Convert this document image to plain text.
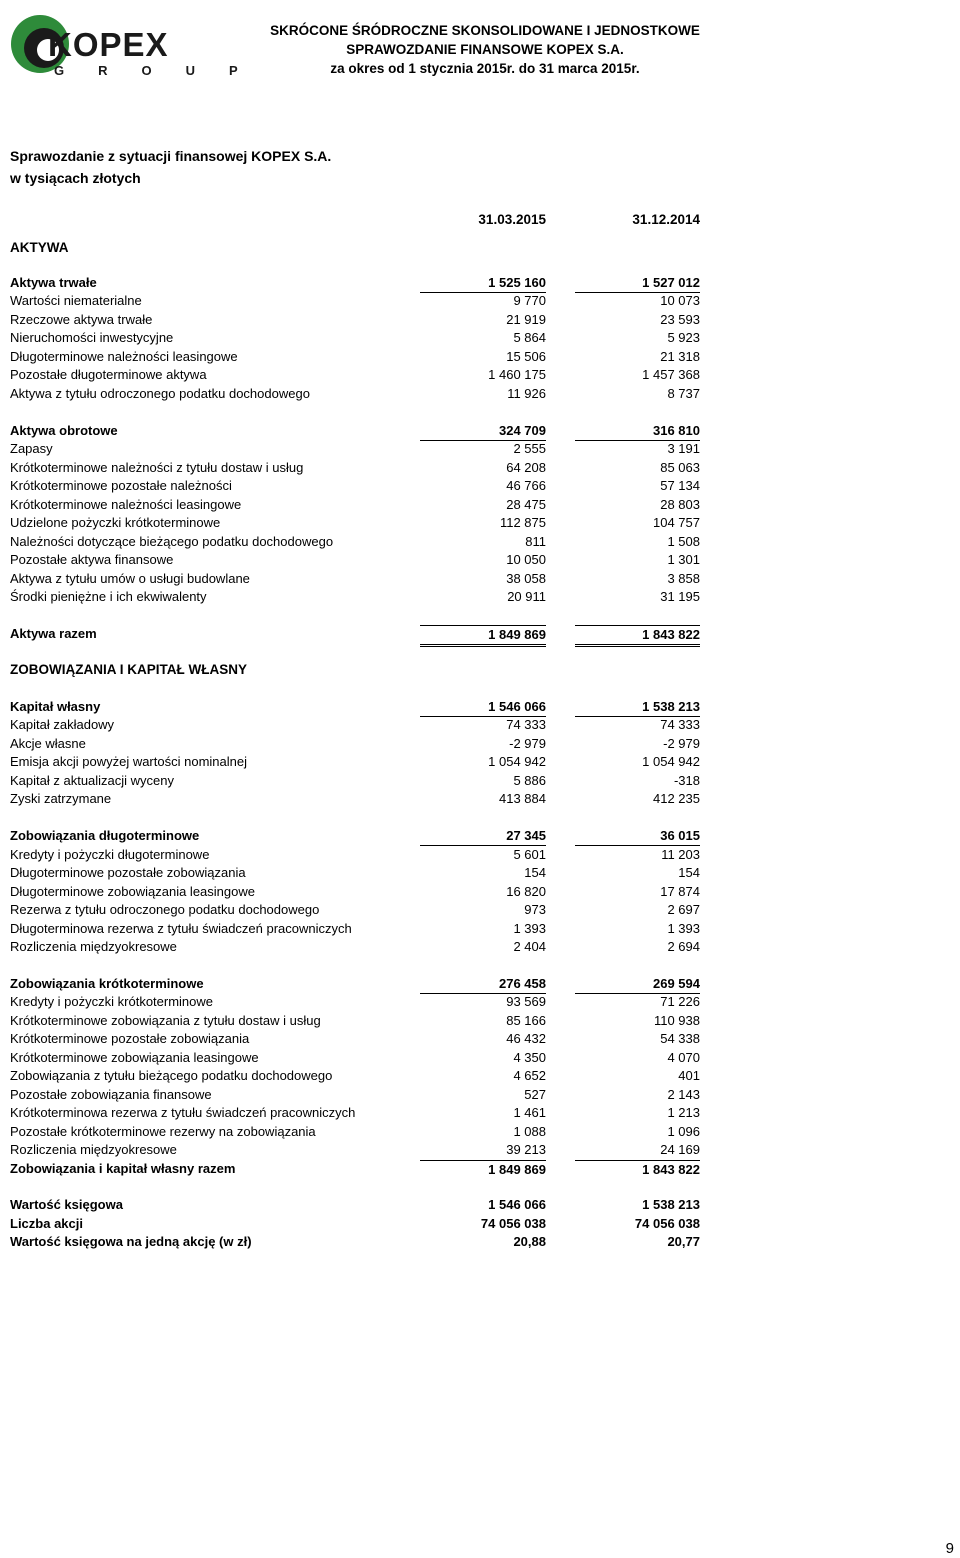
KOPEX
GROUP
SKRÓCONE ŚRÓDROCZNE SKONSOLIDOWANE I JEDNOSTKOWE
SPRAWOZDANIE FINANSOWE KOPEX S.A.
za okres od 1 stycznia 2015r. do 31 marca 2015r.
Sprawozdanie z sytuacji finansowej KOPEX S.A.
w tysiącach złotych
31.03.2015	31.12.2014
AKTYWA
ZOBOWIĄZANIA I KAPITAŁ WŁASNY
Aktywa trwałe	1 525 160	1 527 012
Wartości niematerialne	9 770	10 073
Rzeczowe aktywa trwałe	21 919	23 593
Nieruchomości inwestycyjne	5 864	5 923
Długoterminowe należności leasingowe	15 506	21 318
Pozostałe długoterminowe aktywa	1 460 175	1 457 368
Aktywa z tytułu odroczonego podatku dochodowego	11 926	8 737
Aktywa obrotowe	324 709	316 810
Zapasy	2 555	3 191
Krótkoterminowe należności z tytułu dostaw i usług	64 208	85 063
Krótkoterminowe pozostałe należności	46 766	57 134
Krótkoterminowe należności leasingowe	28 475	28 803
Udzielone pożyczki krótkoterminowe	112 875	104 757
Należności dotyczące bieżącego podatku dochodowego	811	1 508
Pozostałe aktywa finansowe	10 050	1 301
Aktywa z tytułu umów o usługi budowlane	38 058	3 858
Środki pieniężne i ich ekwiwalenty	20 911	31 195
Aktywa razem	1 849 869	1 843 822
Kapitał własny	1 546 066	1 538 213
Kapitał zakładowy	74 333	74 333
Akcje własne	-2 979	-2 979
Emisja akcji powyżej wartości nominalnej	1 054 942	1 054 942
Kapitał z aktualizacji wyceny	5 886	-318
Zyski zatrzymane	413 884	412 235
Zobowiązania długoterminowe	27 345	36 015
Kredyty i pożyczki długoterminowe	5 601	11 203
Długoterminowe pozostałe zobowiązania	154	154
Długoterminowe zobowiązania leasingowe	16 820	17 874
Rezerwa z tytułu odroczonego podatku dochodowego	973	2 697
Długoterminowa rezerwa z tytułu świadczeń pracowniczych	1 393	1 393
Rozliczenia międzyokresowe	2 404	2 694
Zobowiązania krótkoterminowe	276 458	269 594
Kredyty i pożyczki krótkoterminowe	93 569	71 226
Krótkoterminowe zobowiązania z tytułu dostaw i usług	85 166	110 938
Krótkoterminowe pozostałe zobowiązania	46 432	54 338
Krótkoterminowe zobowiązania leasingowe	4 350	4 070
Zobowiązania z tytułu bieżącego podatku dochodowego	4 652	401
Pozostałe zobowiązania finansowe	527	2 143
Krótkoterminowa rezerwa z tytułu świadczeń pracowniczych	1 461	1 213
Pozostałe krótkoterminowe rezerwy na zobowiązania	1 088	1 096
Rozliczenia międzyokresowe	39 213	24 169
Zobowiązania i kapitał własny razem	1 849 869	1 843 822
Wartość księgowa	1 546 066	1 538 213
Liczba akcji	74 056 038	74 056 038
Wartość księgowa na jedną akcję (w zł)	20,88	20,77
9
